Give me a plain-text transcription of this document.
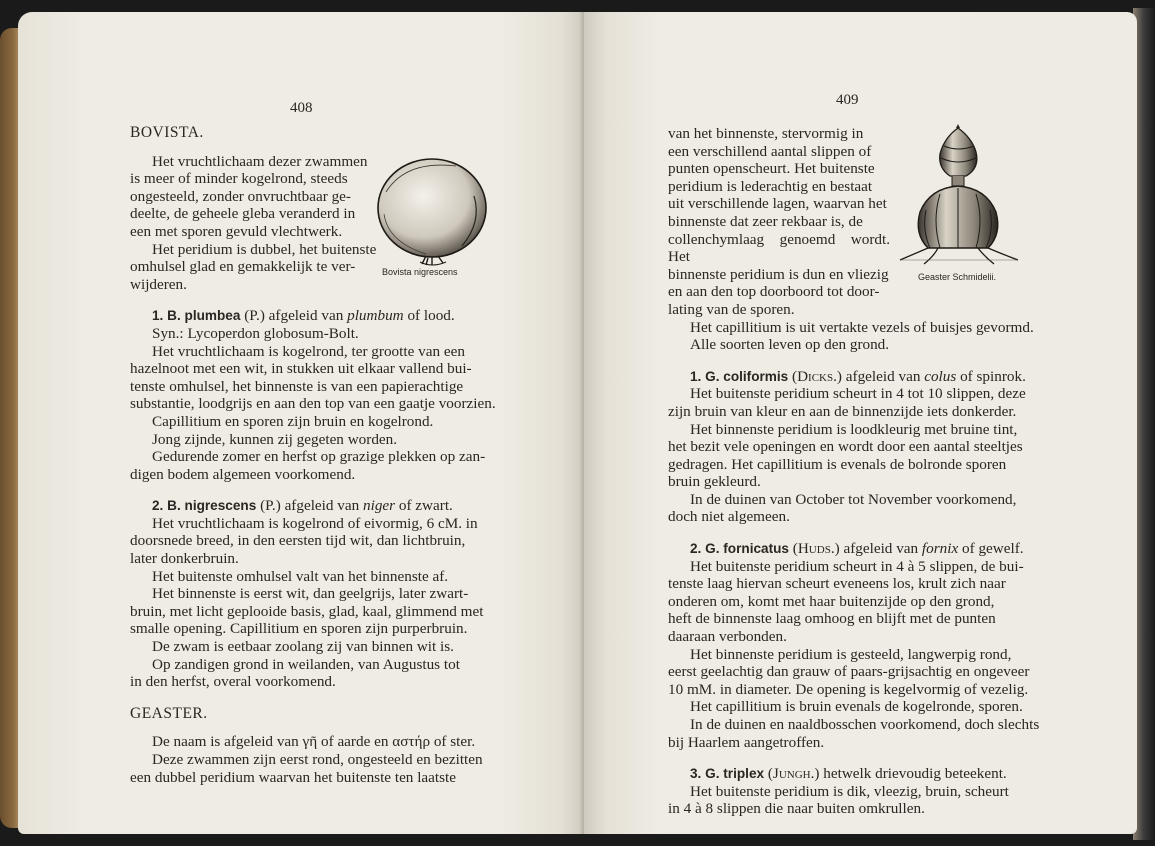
408

BOVISTA.

Het vruchtlichaam dezer zwammen

is meer of minder kogelrond, steeds

ongesteeld, zonder onvruchtbaar ge-

deelte, de geheele gleba veranderd in

een met sporen gevuld vlechtwerk.

Het peridium is dubbel, het buitenste

omhulsel glad en gemakkelijk te ver-

wijderen.

1. B. plumbea (P.) afgeleid van plumbum of lood.

Syn.: Lycoperdon globosum-Bolt.

Het vruchtlichaam is kogelrond, ter grootte van een

hazelnoot met een wit, in stukken uit elkaar vallend bui-

tenste omhulsel, het binnenste is van een papierachtige

substantie, loodgrijs en aan den top van een gaatje voorzien.

Capillitium en sporen zijn bruin en kogelrond.

Jong zijnde, kunnen zij gegeten worden.

Gedurende zomer en herfst op grazige plekken op zan-

digen bodem algemeen voorkomend.

2. B. nigrescens (P.) afgeleid van niger of zwart.

Het vruchtlichaam is kogelrond of eivormig, 6 cM. in

doorsnede breed, in den eersten tijd wit, dan lichtbruin,

later donkerbruin.

Het buitenste omhulsel valt van het binnenste af.

Het binnenste is eerst wit, dan geelgrijs, later zwart-

bruin, met licht geplooide basis, glad, kaal, glimmend met

smalle opening. Capillitium en sporen zijn purperbruin.

De zwam is eetbaar zoolang zij van binnen wit is.

Op zandigen grond in weilanden, van Augustus tot

in den herfst, overal voorkomend.

GEASTER.

De naam is afgeleid van γῆ of aarde en αστήρ of ster.

Deze zwammen zijn eerst rond, ongesteeld en bezitten

een dubbel peridium waarvan het buitenste ten laatste

Bovista nigrescens
409

van het binnenste, stervormig in

een verschillend aantal slippen of

punten openscheurt. Het buitenste

peridium is lederachtig en bestaat

uit verschillende lagen, waarvan het

binnenste dat zeer rekbaar is, de

collenchymlaag genoemd wordt. Het

binnenste peridium is dun en vliezig

en aan den top doorboord tot door-

lating van de sporen.

Het capillitium is uit vertakte vezels of buisjes gevormd.

Alle soorten leven op den grond.

1. G. coliformis (Dicks.) afgeleid van colus of spinrok.

Het buitenste peridium scheurt in 4 tot 10 slippen, deze

zijn bruin van kleur en aan de binnenzijde iets donkerder.

Het binnenste peridium is loodkleurig met bruine tint,

het bezit vele openingen en wordt door een aantal steeltjes

gedragen. Het capillitium is evenals de bolronde sporen

bruin gekleurd.

In de duinen van October tot November voorkomend,

doch niet algemeen.

2. G. fornicatus (Huds.) afgeleid van fornix of gewelf.

Het buitenste peridium scheurt in 4 à 5 slippen, de bui-

tenste laag hiervan scheurt eveneens los, krult zich naar

onderen om, komt met haar buitenzijde op den grond,

heft de binnenste laag omhoog en blijft met de punten

daaraan verbonden.

Het binnenste peridium is gesteeld, langwerpig rond,

eerst geelachtig dan grauw of paars-grijsachtig en ongeveer

10 mM. in diameter. De opening is kegelvormig of vezelig.

Het capillitium is bruin evenals de kogelronde, sporen.

In de duinen en naaldbosschen voorkomend, doch slechts

bij Haarlem aangetroffen.

3. G. triplex (Jungh.) hetwelk drievoudig beteekent.

Het buitenste peridium is dik, vleezig, bruin, scheurt

in 4 à 8 slippen die naar buiten omkrullen.

Geaster Schmidelii.
